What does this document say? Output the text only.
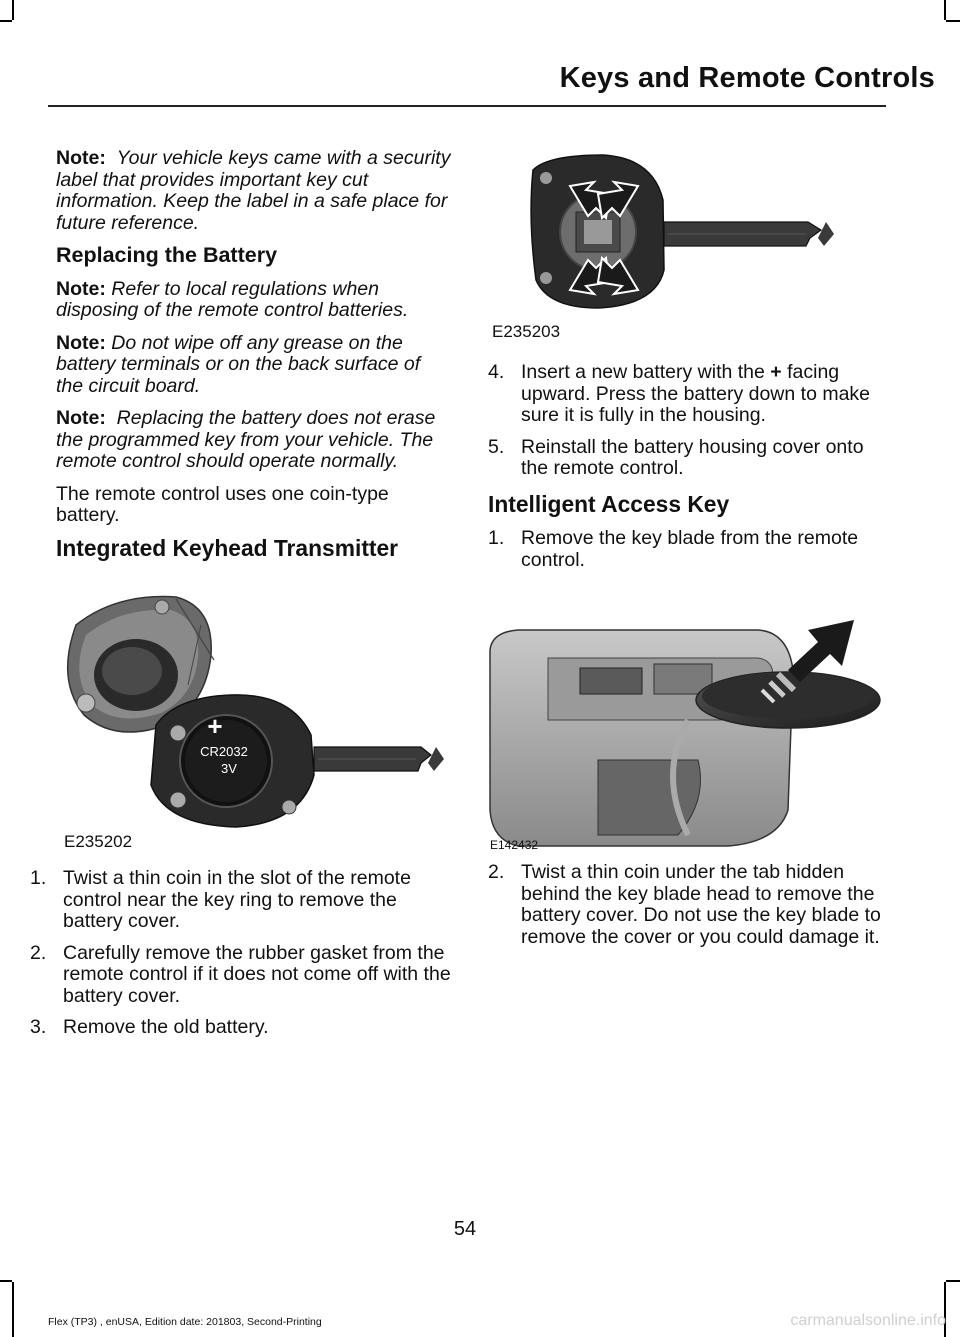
Keys and Remote Controls

Note: Your vehicle keys came with a security label that provides important key cut information. Keep the label in a safe place for future reference.

Replacing the Battery

Note: Refer to local regulations when disposing of the remote control batteries.

Note: Do not wipe off any grease on the battery terminals or on the back surface of the circuit board.

Note: Replacing the battery does not erase the programmed key from your vehicle. The remote control should operate normally.

The remote control uses one coin-type battery.

Integrated Keyhead Transmitter
+
CR2032
3V
E235202
1. Twist a thin coin in the slot of the remote control near the key ring to remove the battery cover.
2. Carefully remove the rubber gasket from the remote control if it does not come off with the battery cover.
3. Remove the old battery.
E235203
4. Insert a new battery with the + facing upward. Press the battery down to make sure it is fully in the housing.
5. Reinstall the battery housing cover onto the remote control.
Intelligent Access Key
1. Remove the key blade from the remote control.
E142432
2. Twist a thin coin under the tab hidden behind the key blade head to remove the battery cover. Do not use the key blade to remove the cover or you could damage it.
54
Flex (TP3) , enUSA, Edition date: 201803, Second-Printing	carmanualsonline.info
